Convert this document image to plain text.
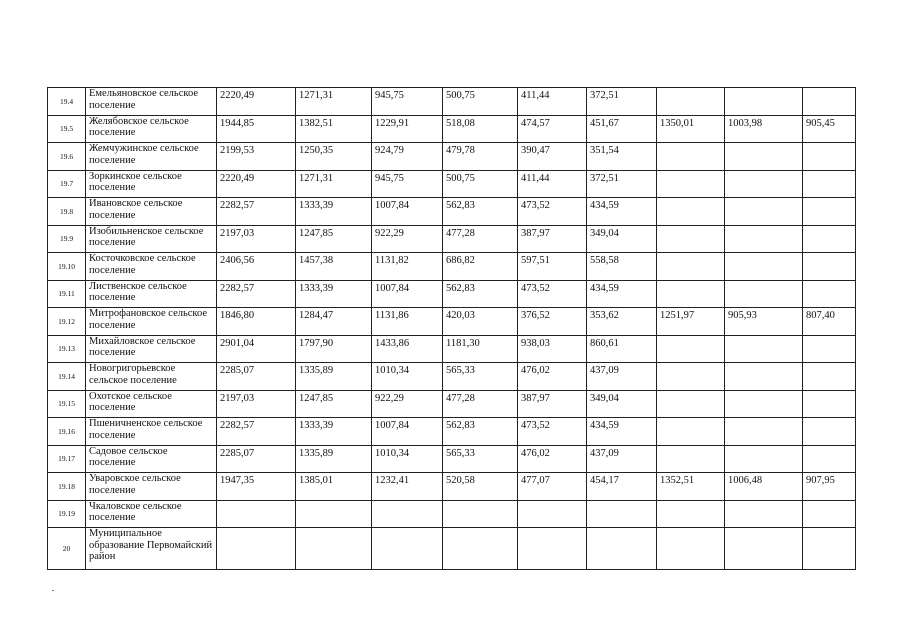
19.4	Емельяновское сельское поселение	2220,49	1271,31	945,75	500,75	411,44	372,51			
19.5	Желябовское сельское поселение	1944,85	1382,51	1229,91	518,08	474,57	451,67	1350,01	1003,98	905,45
19.6	Жемчужинское сельское поселение	2199,53	1250,35	924,79	479,78	390,47	351,54			
19.7	Зоркинское сельское поселение	2220,49	1271,31	945,75	500,75	411,44	372,51			
19.8	Ивановское сельское поселение	2282,57	1333,39	1007,84	562,83	473,52	434,59			
19.9	Изобильненское сельское поселение	2197,03	1247,85	922,29	477,28	387,97	349,04			
19.10	Косточковское сельское поселение	2406,56	1457,38	1131,82	686,82	597,51	558,58			
19.11	Лиственское сельское поселение	2282,57	1333,39	1007,84	562,83	473,52	434,59			
19.12	Митрофановское сельское поселение	1846,80	1284,47	1131,86	420,03	376,52	353,62	1251,97	905,93	807,40
19.13	Михайловское сельское поселение	2901,04	1797,90	1433,86	1181,30	938,03	860,61			
19.14	Новогригорьевское сельское поселение	2285,07	1335,89	1010,34	565,33	476,02	437,09			
19.15	Охотское сельское поселение	2197,03	1247,85	922,29	477,28	387,97	349,04			
19.16	Пшеничненское сельское поселение	2282,57	1333,39	1007,84	562,83	473,52	434,59			
19.17	Садовое сельское поселение	2285,07	1335,89	1010,34	565,33	476,02	437,09			
19.18	Уваровское сельское поселение	1947,35	1385,01	1232,41	520,58	477,07	454,17	1352,51	1006,48	907,95
19.19	Чкаловское сельское поселение									
20	Муниципальное образование Первомайский район									
